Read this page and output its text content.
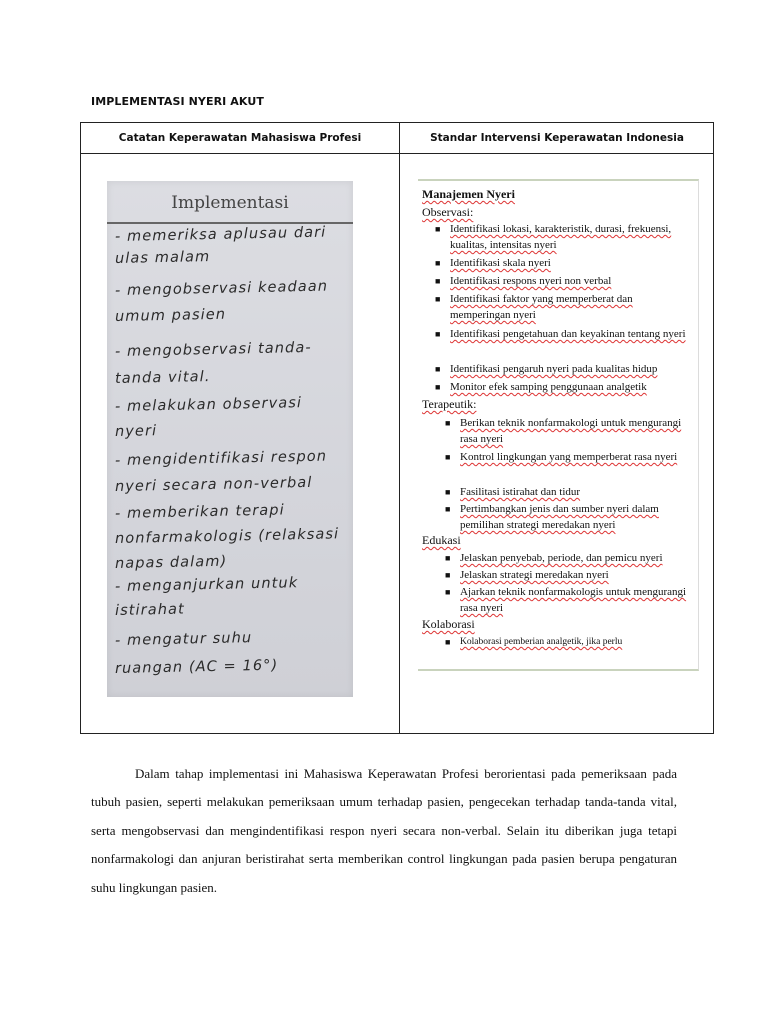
IMPLEMENTASI NYERI AKUT
Catatan Keperawatan Mahasiswa Profesi	Standar Intervensi Keperawatan Indonesia
Implementasi
- memeriksa aplusau dari
ulas malam
- mengobservasi keadaan
umum pasien
- mengobservasi tanda-
tanda vital.
- melakukan observasi
nyeri
- mengidentifikasi respon
nyeri secara non-verbal
- memberikan terapi
nonfarmakologis (relaksasi
napas dalam)
- menganjurkan untuk
istirahat
- mengatur suhu
ruangan (AC = 16°)
Manajemen Nyeri
Observasi:
■ Identifikasi lokasi, karakteristik, durasi, frekuensi, kualitas, intensitas nyeri
■ Identifikasi skala nyeri
■ Identifikasi respons nyeri non verbal
■ Identifikasi faktor yang memperberat dan memperingan nyeri
■ Identifikasi pengetahuan dan keyakinan tentang nyeri
■ Identifikasi pengaruh nyeri pada kualitas hidup
■ Monitor efek samping penggunaan analgetik
Terapeutik:
■ Berikan teknik nonfarmakologi untuk mengurangi rasa nyeri
■ Kontrol lingkungan yang memperberat rasa nyeri
■ Fasilitasi istirahat dan tidur
■ Pertimbangkan jenis dan sumber nyeri dalam pemilihan strategi meredakan nyeri
Edukasi
■ Jelaskan penyebab, periode, dan pemicu nyeri
■ Jelaskan strategi meredakan nyeri
■ Ajarkan teknik nonfarmakologis untuk mengurangi rasa nyeri
Kolaborasi
■ Kolaborasi pemberian analgetik, jika perlu

Dalam tahap implementasi ini Mahasiswa Keperawatan Profesi berorientasi pada pemeriksaan pada tubuh pasien, seperti melakukan pemeriksaan umum terhadap pasien, pengecekan terhadap tanda-tanda vital, serta mengobservasi dan mengindentifikasi respon nyeri secara non-verbal. Selain itu diberikan juga tetapi nonfarmakologi dan anjuran beristirahat serta memberikan control lingkungan pada pasien berupa pengaturan suhu lingkungan pasien.
